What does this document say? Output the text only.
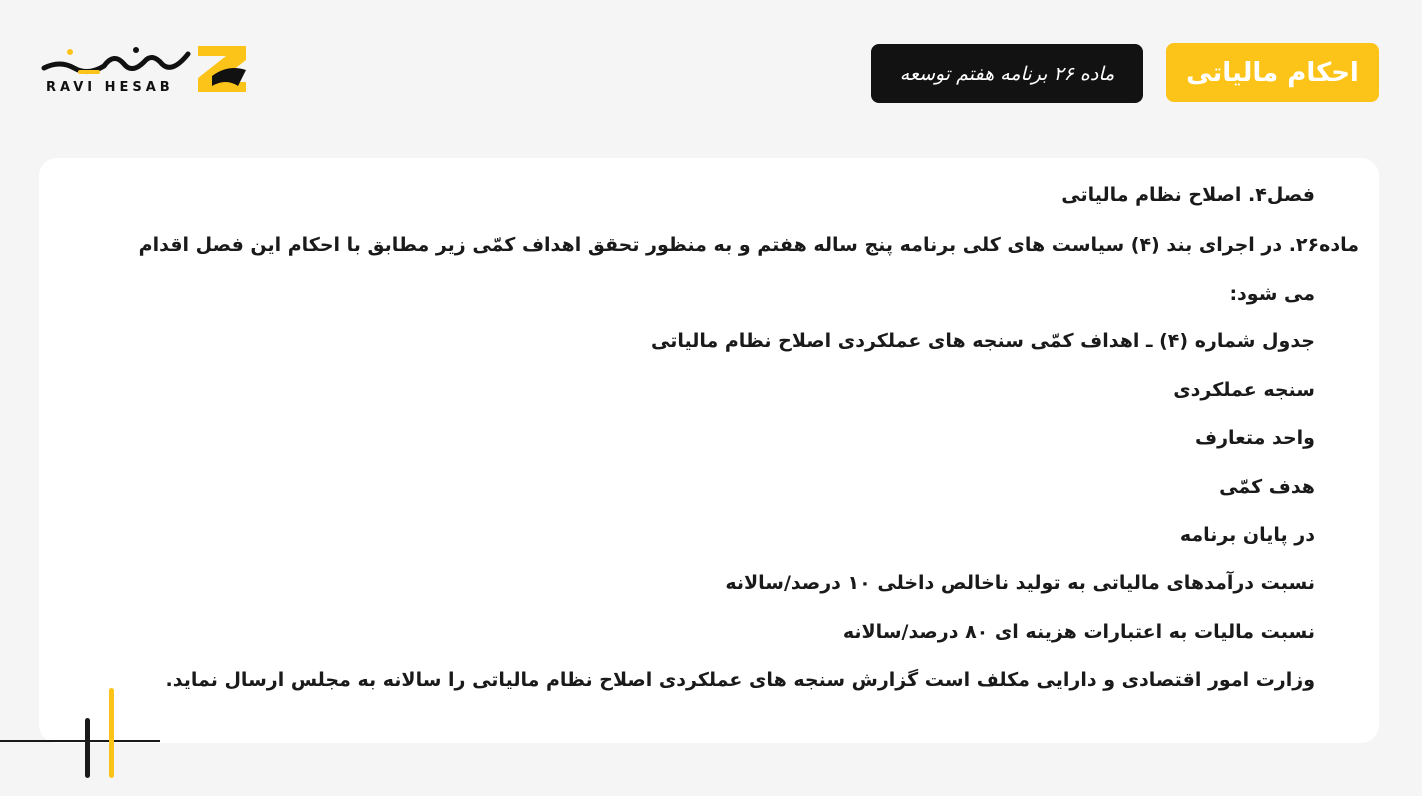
احکام مالیاتی
ماده ۲۶ برنامه هفتم توسعه
RAVI HESAB

فصل۴. اصلاح نظام مالیاتی

ماده۲۶. در اجرای بند (۴) سیاست های کلی برنامه پنج ساله هفتم و به منظور تحقق اهداف کمّی زیر مطابق با احکام این فصل اقدام

می شود:

جدول شماره (۴) ـ اهداف کمّی سنجه های عملکردی اصلاح نظام مالیاتی

سنجه عملکردی

واحد متعارف

هدف کمّی

در پایان برنامه

نسبت درآمدهای مالیاتی به تولید ناخالص داخلی ۱۰ درصد/سالانه

نسبت مالیات به اعتبارات هزینه ای ۸۰ درصد/سالانه

وزارت امور اقتصادی و دارایی مکلف است گزارش سنجه های عملکردی اصلاح نظام مالیاتی را سالانه به مجلس ارسال نماید.
